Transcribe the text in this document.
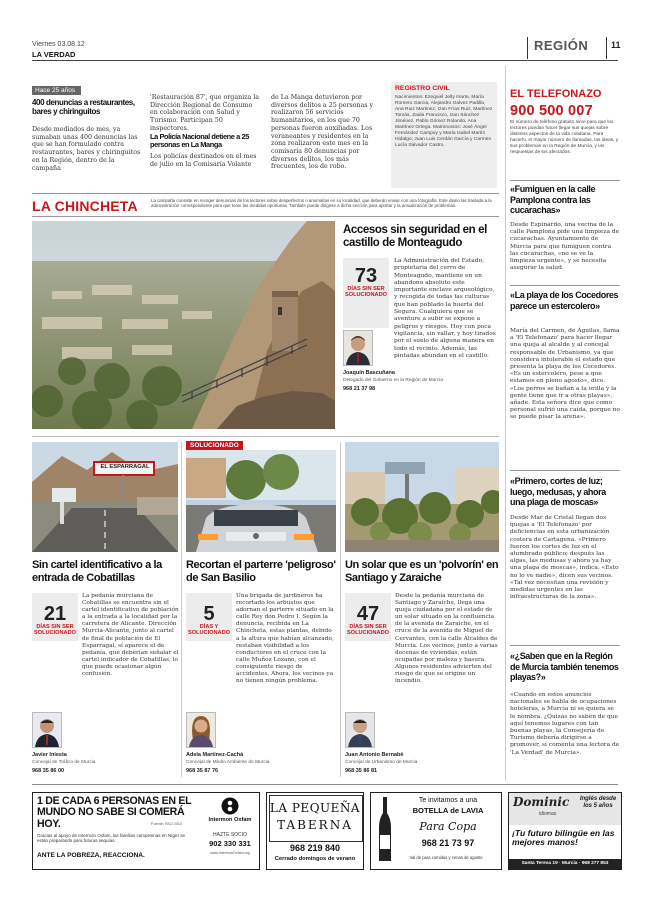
Viernes 03.08.12
LA VERDAD
REGIÓN	11
Hace 25 años
400 denuncias a restaurantes, bares y chiringuitos
Desde mediados de mes, ya sumaban unas 400 denuncias las que se han formulado contra restaurantes, bares y chiringuitos en la Región, dentro de la campaña
'Restauración 87', que organiza la Dirección Regional de Consumo en colaboración con Salud y Turismo. Participan 50 inspectores.
La Policía Nacional detiene a 25 personas en La Manga
Los policías destinados en el mes de julio en la Comisaría Volante
de La Manga detuvieron por diversos delitos a 25 personas y realizaron 56 servicios humanitarios, en los que 70 personas fueron auxiliadas. Los veraneantes y residentes en la zona realizaron este mes en la comisaría 80 denuncias por diversos delitos, los más frecuentes, los de robo.
REGISTRO CIVIL
Nacimientos: Ezequiel Jelty Iriarte, María Romero Garcia, Alejandro Galvez Padilla, Ana Ruiz Martinez, Izan Frías Ruiz, Martínez Tomás, Zaida Francisco, Izan Sánchez Jiménez, Pablo Gómez Rolando, Ana Martínez Ortega. Matrimonios: José Ángel Fernández Campoy y María Isabel Martín Hidalgo; Juan Luis Cerdán García y Carmen Lucía Salvador Castro.
LA CHINCHETA	La campaña consiste en recoger denuncias de los lectores sobre desperfectos o anomalías en su localidad, que deberán enviar con una fotografía. Este diario las traslada a la administración correspondiente para que tome las medidas oportunas. También puede dirigirse a dicha sección para aportar y la actualización de problemas.
Accesos sin seguridad en el castillo de Monteagudo
73
DÍAS SIN SER SOLUCIONADO
La Administración del Estado, propietaria del cerro de Monteagudo, mantiene en un abandono absoluto este importante enclave arqueológico, y recogida de todas las culturas que han poblado la huerta del Segura. Cualquiera que se aventure a subir se expone a peligros y riesgos. Hoy con poca vigilancia, sin vallar, y hoy tirados por el suelo de alguna manera en todo el recinto. Además, las pintadas abundan en el castillo.
Joaquín Bascuñana
Delegado del Gobierno en la Región de Murcia
968 21 37 98
EL ESPARRAGAL
Sin cartel identificativo a la entrada de Cobatillas
21
DÍAS SIN SER SOLUCIONADO
La pedanía murciana de Cobatillas se encuentra sin el cartel identificativo de población a la entrada a la localidad por la carretera de Alicante. Dirección Murcia-Alicante, junto al cartel de final de población de El Esparragal, sí aparece el de pedanía, que deberían señalar el cartel indicador de Cobatillas, lo que puede ocasionar algún confusión.
Javier Iniesta
Concejal de Tráfico de Murcia
968 35 86 00
SOLUCIONADO
Recortan el parterre 'peligroso' de San Basilio
5
DÍAS Y SOLUCIONADO
Una brigada de jardineros ha recortado los arbustos que adornan el parterre situado en la calle Rey don Pedro I. Según la denuncia, recibida en La Chincheta, estas plantas, debido a la altura que habían alcanzado, restaban visibilidad a los conductores en el cruce con la calle Muñoz Lozano, con el consiguiente riesgo de accidentes. Ahora, los vecinos ya no tienen ningún problema.
Adela Martínez-Cachá
Concejal de Medio Ambiente de Murcia
968 35 87 76
Un solar que es un 'polvorín' en Santiago y Zaraiche
47
DÍAS SIN SER SOLUCIONADO
Desde la pedanía murciana de Santiago y Zaraiche, llega una queja ciudadana por el estado de un solar situado en la confluencia de la avenida de Zaraiche, en el cruce de la avenida de Miguel de Cervantes, con la calle Alcaldes de Murcia. Los vecinos, junto a varias decenas de viviendas, están ocupadas por maleza y basura. Algunos residentes advierten del riesgo de que se origine un incendio.
Juan Antonio Bernabé
Concejal de Urbanismo de Murcia
968 35 86 81
EL TELEFONAZO
900 500 007
El número de teléfono gratuito sirve para que los lectores puedan hacer llegar sus quejas sobre distintos aspectos de la vida cotidiana. Para hacerlo, el mayor número de llamadas, las ideas, y sus problemas en la Región de Murcia, y las respuestas de los afectados.
«Fumiguen en la calle Pamplona contra las cucarachas»
Desde Espinardo, una vecina de la calle Pamplona pide una limpieza de cucarachas. Ayuntamiento de Murcia para que fumiguen contra las cucarachas, «no se ve la limpieza urgente», y se necesita asegurar la salud.
«La playa de los Cocedores parece un estercolero»
María del Carmen, de Águilas, llama a 'El Telefonazo' para hacer llegar una queja al alcalde y al concejal responsable de Urbanismo, ya que considera intolerable el estado que presenta la playa de los Cocedores. «Es un estercolero, pese a que estamos en pleno agosto», dice. «Los perros se bañan a la orilla y la gente tiene que ir a otras playas», añade. Esta señora dice que como personal sufrió una caída, porque no se puede pisar la arena».
«Primero, cortes de luz; luego, medusas, y ahora una plaga de moscas»
Desde Mar de Cristal llegan dos quejas a 'El Telefonazo' por deficiencias en esta urbanización costera de Cartagena. «Primero fueron los cortes de luz en el alumbrado público; después las algas, las medusas y ahora ya hay una plaga de moscas», indica. «Esto no lo ve nadie», dicen sus vecinos. «Tal vez necesitan una revisión y medidas urgentes en las infraestructuras de la zona».
«¿Saben que en la Región de Murcia también tenemos playas?»
«Cuando en estos anuncios nacionales se habla de ocupaciones hoteleras, a Murcia ni se quiera se le nombra. ¿Quizás no saben de que aquí tenemos lugares con tan buenas playas, la Consejería de Turismo debería dirigirse a promover, sí comenta una lectora de 'La Verdad' de Murcia».
1 DE CADA 6 PERSONAS EN EL MUNDO NO SABE SI COMERÁ HOY.	Fuente: FAO 2010
Gracias al apoyo de Intermón Oxfam, las familias campesinas en Níger se están preparando para futuras sequías.
ANTE LA POBREZA, REACCIONA.
Intermon Oxfam
HAZTE SOCIO
902 330 331
www.IntermonOxfam.org
LA PEQUEÑA
TABERNA
968 219 840
Cerrado domingos de verano
Te invitamos a una
BOTELLA de LAVIA
Para Copa
968 21 73 97
Val de para comidas y cenas de agosto
Dominic
idiomas
Inglés desde los 5 años
¡Tu futuro bilingüe en las mejores manos!
Santa Teresa 19 · Murcia · 968 277 853
